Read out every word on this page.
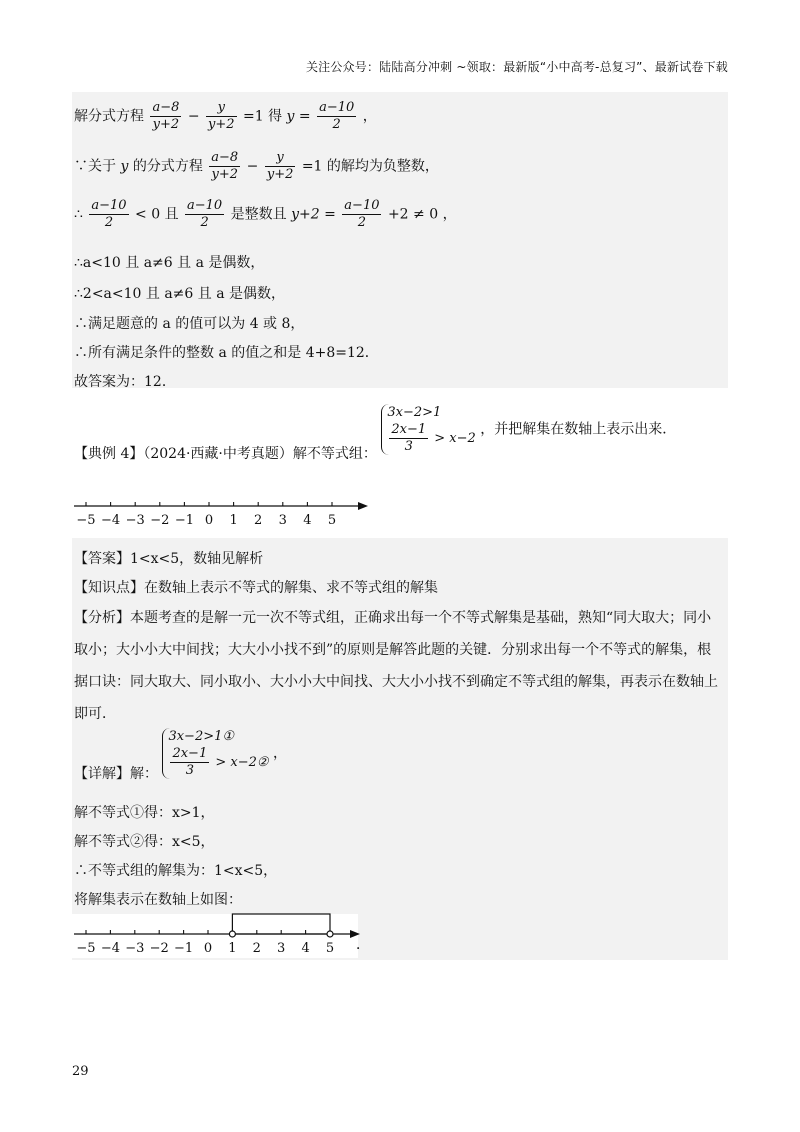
关注公众号：陆陆高分冲刺 ~领取：最新版“小中高考-总复习”、最新试卷下载
解分式方程 $\frac{a-8}{y+2} - \frac{y}{y+2} =1$ 得 $y = \frac{a-10}{2}$ ，
∵关于 y 的分式方程 $\frac{a-8}{y+2} - \frac{y}{y+2} =1$ 的解均为负整数，
∴ $\frac{a-10}{2} < 0$ 且 $\frac{a-10}{2}$ 是整数且 $y+2 = \frac{a-10}{2} +2 \ne 0$ ，
∴a<10 且 a≠6 且 a 是偶数，
∴2<a<10 且 a≠6 且 a 是偶数，
∴满足题意的 a 的值可以为 4 或 8，
∴所有满足条件的整数 a 的值之和是 4+8=12．
故答案为：12．
【典例 4】（2024·西藏·中考真题）解不等式组：
3x−2>1
$\frac{2x-1}{3} > x-2$
，并把解集在数轴上表示出来．
−5 −4 −3 −2 −1 0 1 2 3 4 5
【答案】1<x<5，数轴见解析
【知识点】在数轴上表示不等式的解集、求不等式组的解集
【分析】本题考查的是解一元一次不等式组，正确求出每一个不等式解集是基础，熟知“同大取大；同小
取小；大小小大中间找；大大小小找不到”的原则是解答此题的关键．分别求出每一个不等式的解集，根
据口诀：同大取大、同小取小、大小小大中间找、大大小小找不到确定不等式组的解集，再表示在数轴上
即可．
【详解】解：
3x−2>1①
$\frac{2x-1}{3}$ > x−2②
，
解不等式①得：x>1，
解不等式②得：x<5，
∴不等式组的解集为：1<x<5，
将解集表示在数轴上如图：
−5 −4 −3 −2 −1 0 1 2 3 4 5 ．
29
